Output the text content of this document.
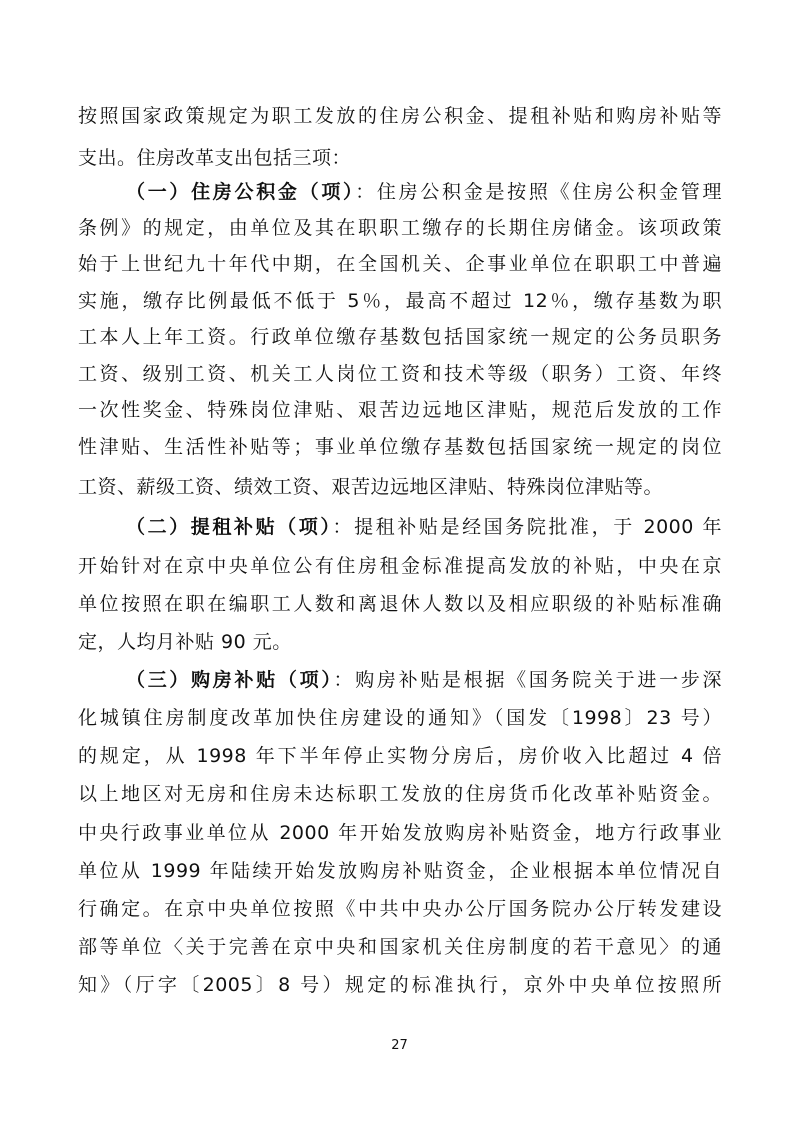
按照国家政策规定为职工发放的住房公积金、提租补贴和购房补贴等
支出。住房改革支出包括三项：
（一）住房公积金（项）：住房公积金是按照《住房公积金管理
条例》的规定，由单位及其在职职工缴存的长期住房储金。该项政策
始于上世纪九十年代中期，在全国机关、企事业单位在职职工中普遍
实施，缴存比例最低不低于 5％，最高不超过 12％，缴存基数为职
工本人上年工资。行政单位缴存基数包括国家统一规定的公务员职务
工资、级别工资、机关工人岗位工资和技术等级（职务）工资、年终
一次性奖金、特殊岗位津贴、艰苦边远地区津贴，规范后发放的工作
性津贴、生活性补贴等；事业单位缴存基数包括国家统一规定的岗位
工资、薪级工资、绩效工资、艰苦边远地区津贴、特殊岗位津贴等。
（二）提租补贴（项）：提租补贴是经国务院批准，于 2000 年
开始针对在京中央单位公有住房租金标准提高发放的补贴，中央在京
单位按照在职在编职工人数和离退休人数以及相应职级的补贴标准确
定，人均月补贴 90 元。
（三）购房补贴（项）：购房补贴是根据《国务院关于进一步深
化城镇住房制度改革加快住房建设的通知》（国发〔1998〕23 号）
的规定，从 1998 年下半年停止实物分房后，房价收入比超过 4 倍
以上地区对无房和住房未达标职工发放的住房货币化改革补贴资金。
中央行政事业单位从 2000 年开始发放购房补贴资金，地方行政事业
单位从 1999 年陆续开始发放购房补贴资金，企业根据本单位情况自
行确定。在京中央单位按照《中共中央办公厅国务院办公厅转发建设
部等单位〈关于完善在京中央和国家机关住房制度的若干意见〉的通
知》（厅字〔2005〕8 号）规定的标准执行，京外中央单位按照所
27
